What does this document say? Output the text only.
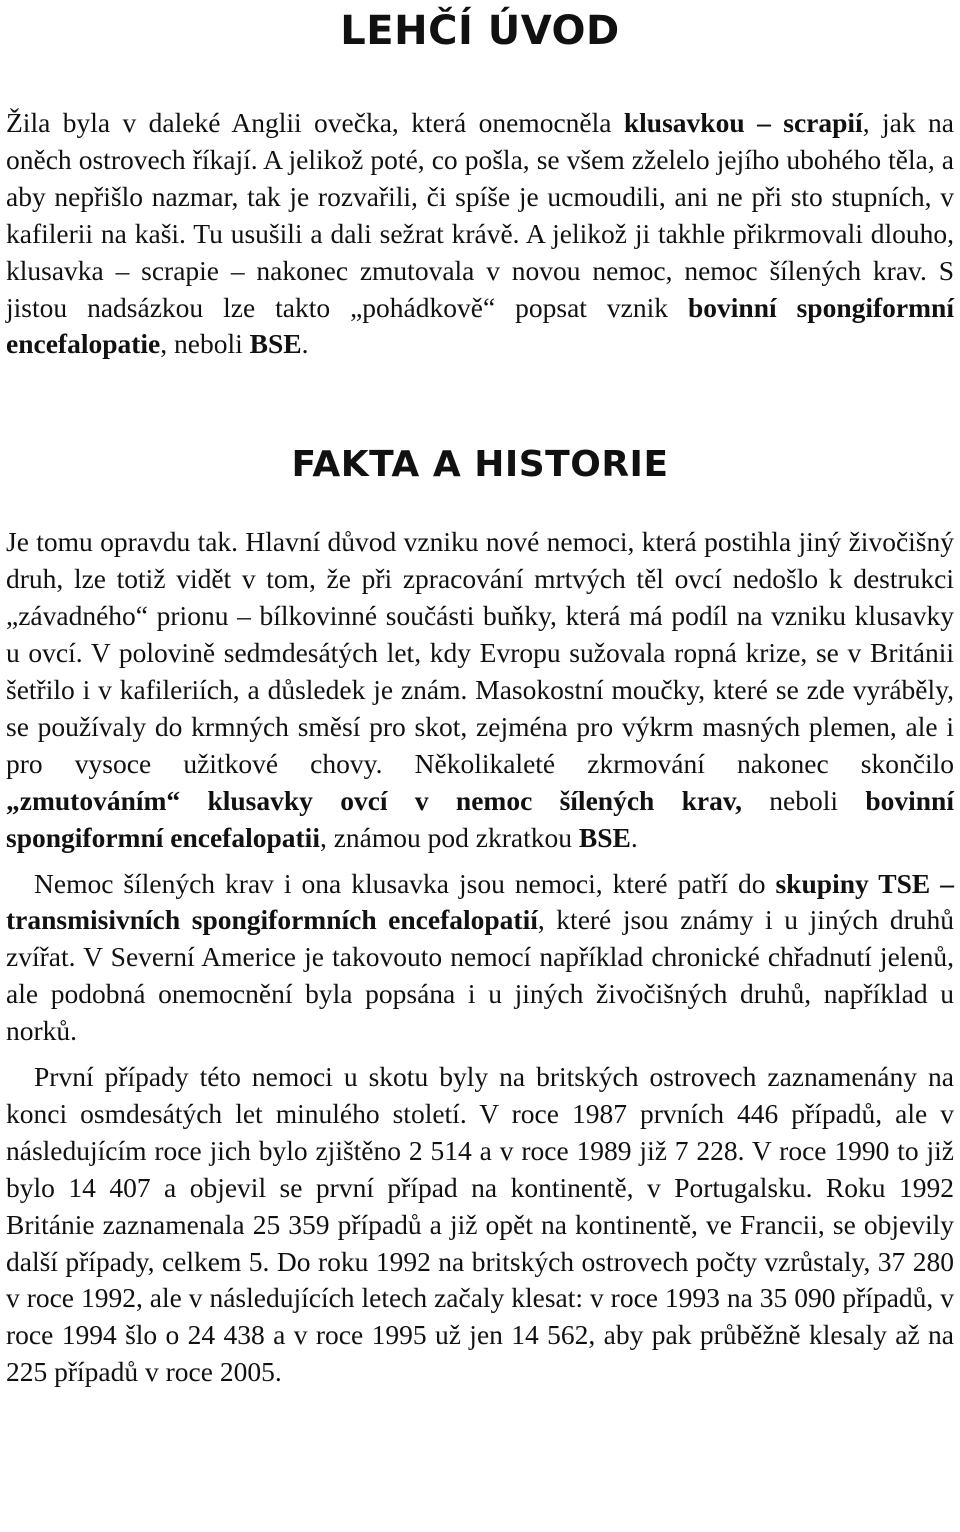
LEHČÍ ÚVOD

Žila byla v daleké Anglii ovečka, která onemocněla klusavkou – scrapií, jak na oněch ostrovech říkají. A jelikož poté, co pošla, se všem zželelo jejího ubohého těla, a aby nepřišlo nazmar, tak je rozvařili, či spíše je ucmoudili, ani ne při sto stupních, v kafilerii na kaši. Tu usušili a dali sežrat krávě. A jelikož ji takhle přikrmovali dlouho, klusavka – scrapie – nakonec zmutovala v novou nemoc, nemoc šílených krav. S jistou nadsázkou lze takto „pohádkově“ popsat vznik bovinní spongiformní encefalopatie, neboli BSE.

FAKTA A HISTORIE

Je tomu opravdu tak. Hlavní důvod vzniku nové nemoci, která postihla jiný živočišný druh, lze totiž vidět v tom, že při zpracování mrtvých těl ovcí nedošlo k destrukci „závadného“ prionu – bílkovinné součásti buňky, která má podíl na vzniku klusavky u ovcí. V polovině sedmdesátých let, kdy Evropu sužovala ropná krize, se v Británii šetřilo i v kafileriích, a důsledek je znám. Masokostní moučky, které se zde vyráběly, se používaly do krmných směsí pro skot, zejména pro výkrm masných plemen, ale i pro vysoce užitkové chovy. Několikaleté zkrmování nakonec skončilo „zmutováním“ klusavky ovcí v nemoc šílených krav, neboli bovinní spongiformní encefalopatii, známou pod zkratkou BSE.

Nemoc šílených krav i ona klusavka jsou nemoci, které patří do skupiny TSE – transmisivních spongiformních encefalopatií, které jsou známy i u jiných druhů zvířat. V Severní Americe je takovouto nemocí například chronické chřadnutí jelenů, ale podobná onemocnění byla popsána i u jiných živočišných druhů, například u norků.

První případy této nemoci u skotu byly na britských ostrovech zaznamenány na konci osmdesátých let minulého století. V roce 1987 prvních 446 případů, ale v následujícím roce jich bylo zjištěno 2 514 a v roce 1989 již 7 228. V roce 1990 to již bylo 14 407 a objevil se první případ na kontinentě, v Portugalsku. Roku 1992 Británie zaznamenala 25 359 případů a již opět na kontinentě, ve Francii, se objevily další případy, celkem 5. Do roku 1992 na britských ostrovech počty vzrůstaly, 37 280 v roce 1992, ale v následujících letech začaly klesat: v roce 1993 na 35 090 případů, v roce 1994 šlo o 24 438 a v roce 1995 už jen 14 562, aby pak průběžně klesaly až na 225 případů v roce 2005.
